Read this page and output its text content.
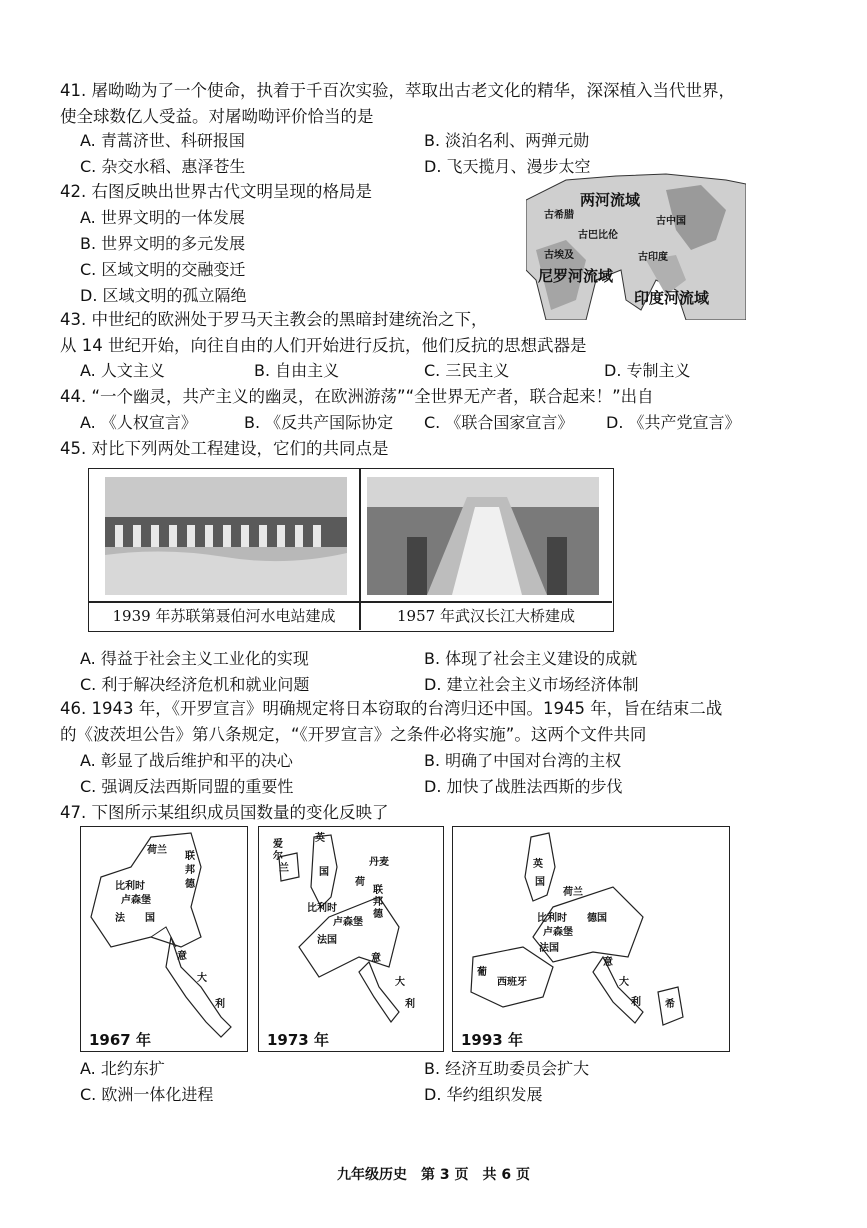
41. 屠呦呦为了一个使命，执着于千百次实验，萃取出古老文化的精华，深深植入当代世界，
使全球数亿人受益。对屠呦呦评价恰当的是
A. 青蒿济世、科研报国	B. 淡泊名利、两弹元勋
C. 杂交水稻、惠泽苍生	D. 飞天揽月、漫步太空
42. 右图反映出世界古代文明呈现的格局是
A. 世界文明的一体发展
B. 世界文明的多元发展
C. 区域文明的交融变迁
D. 区域文明的孤立隔绝
两河流域
古希腊
古中国
古巴比伦
古埃及	古印度
尼罗河流域
印度河流域
43. 中世纪的欧洲处于罗马天主教会的黑暗封建统治之下，
从 14 世纪开始，向往自由的人们开始进行反抗，他们反抗的思想武器是
A. 人文主义	B. 自由主义	C. 三民主义	D. 专制主义
44. “一个幽灵，共产主义的幽灵，在欧洲游荡”“全世界无产者，联合起来！”出自
A. 《人权宣言》	B. 《反共产国际协定 C. 《联合国家宣言》 D. 《共产党宣言》
45. 对比下列两处工程建设，它们的共同点是
1939 年苏联第聂伯河水电站建成	1957 年武汉长江大桥建成
A. 得益于社会主义工业化的实现	B. 体现了社会主义建设的成就
C. 利于解决经济危机和就业问题	D. 建立社会主义市场经济体制
46. 1943 年，《开罗宣言》明确规定将日本窃取的台湾归还中国。1945 年，旨在结束二战
的《波茨坦公告》第八条规定，“《开罗宣言》之条件必将实施”。这两个文件共同
A. 彰显了战后维护和平的决心	B. 明确了中国对台湾的主权
C. 强调反法西斯同盟的重要性	D. 加快了战胜法西斯的步伐
47. 下图所示某组织成员国数量的变化反映了
荷兰
联
邦
德
比利时
卢森堡
法 国
意
大
利
1967 年
爱
尔
兰
英
国
丹麦
荷
联
邦
德
比利时
卢森堡
法国
意
大
利
1973 年
英
国
荷兰
比利时
卢森堡
德国
法国
意
大
利
葡
西班牙
希
1993 年
A. 北约东扩	B. 经济互助委员会扩大
C. 欧洲一体化进程	D. 华约组织发展
九年级历史　第 3 页　共 6 页
